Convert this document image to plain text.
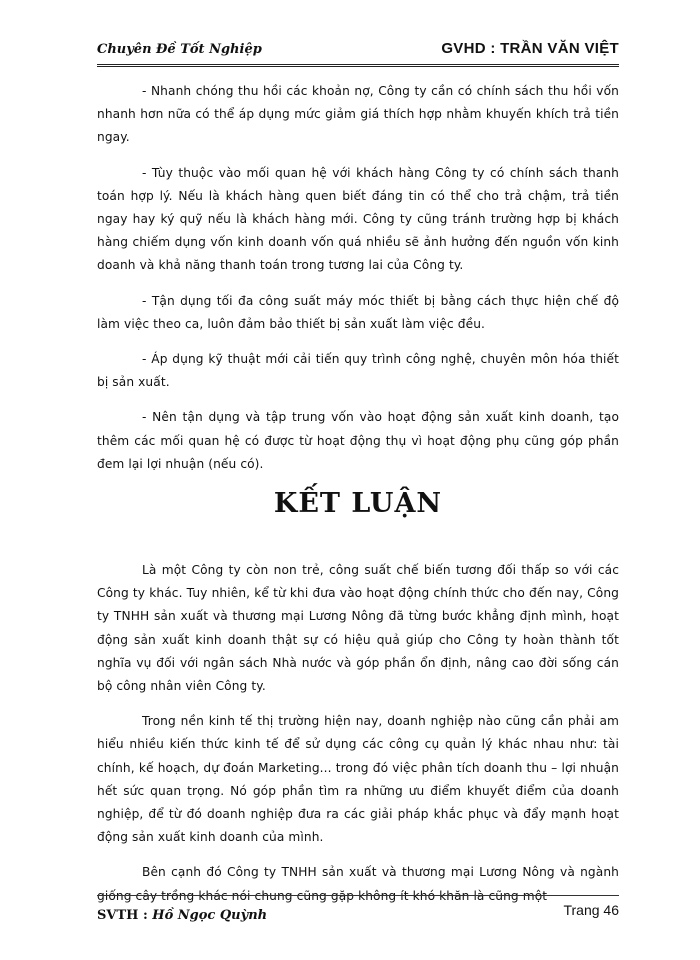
Chuyên Đề Tốt Nghiệp	GVHD : TRẦN VĂN VIỆT

- Nhanh chóng thu hồi các khoản nợ, Công ty cần có chính sách thu hồi vốn nhanh hơn nữa có thể áp dụng mức giảm giá thích hợp nhằm khuyến khích trả tiền ngay.

- Tùy thuộc vào mối quan hệ với khách hàng Công ty có chính sách thanh toán hợp lý. Nếu là khách hàng quen biết đáng tin có thể cho trả chậm, trả tiền ngay hay ký quỹ nếu là khách hàng mới. Công ty cũng tránh trường hợp bị khách hàng chiếm dụng vốn kinh doanh vốn quá nhiều sẽ ảnh hưởng đến nguồn vốn kinh doanh và khả năng thanh toán trong tương lai của Công ty.

- Tận dụng tối đa công suất máy móc thiết bị bằng cách thực hiện chế độ làm việc theo ca, luôn đảm bảo thiết bị sản xuất làm việc đều.

- Áp dụng kỹ thuật mới cải tiến quy trình công nghệ, chuyên môn hóa thiết bị sản xuất.

- Nên tận dụng và tập trung vốn vào hoạt động sản xuất kinh doanh, tạo thêm các mối quan hệ có được từ hoạt động thụ vì hoạt động phụ cũng góp phần đem lại lợi nhuận (nếu có).

KẾT LUẬN

Là một Công ty còn non trẻ, công suất chế biến tương đối thấp so với các Công ty khác. Tuy nhiên, kể từ khi đưa vào hoạt động chính thức cho đến nay, Công ty TNHH sản xuất và thương mại Lương Nông đã từng bước khẳng định mình, hoạt động sản xuất kinh doanh thật sự có hiệu quả giúp cho Công ty hoàn thành tốt nghĩa vụ đối với ngân sách Nhà nước và góp phần ổn định, nâng cao đời sống cán bộ công nhân viên Công ty.

Trong nền kinh tế thị trường hiện nay, doanh nghiệp nào cũng cần phải am hiểu nhiều kiến thức kinh tế để sử dụng các công cụ quản lý khác nhau như: tài chính, kế hoạch, dự đoán Marketing... trong đó việc phân tích doanh thu – lợi nhuận hết sức quan trọng. Nó góp phần tìm ra những ưu điểm khuyết điểm của doanh nghiệp, để từ đó doanh nghiệp đưa ra các giải pháp khắc phục và đẩy mạnh hoạt động sản xuất kinh doanh của mình.

Bên cạnh đó Công ty TNHH sản xuất và thương mại Lương Nông và ngành giống cây trồng khác nói chung cũng gặp không ít khó khăn là cũng một

SVTH : Hồ Ngọc Quỳnh	Trang 46
